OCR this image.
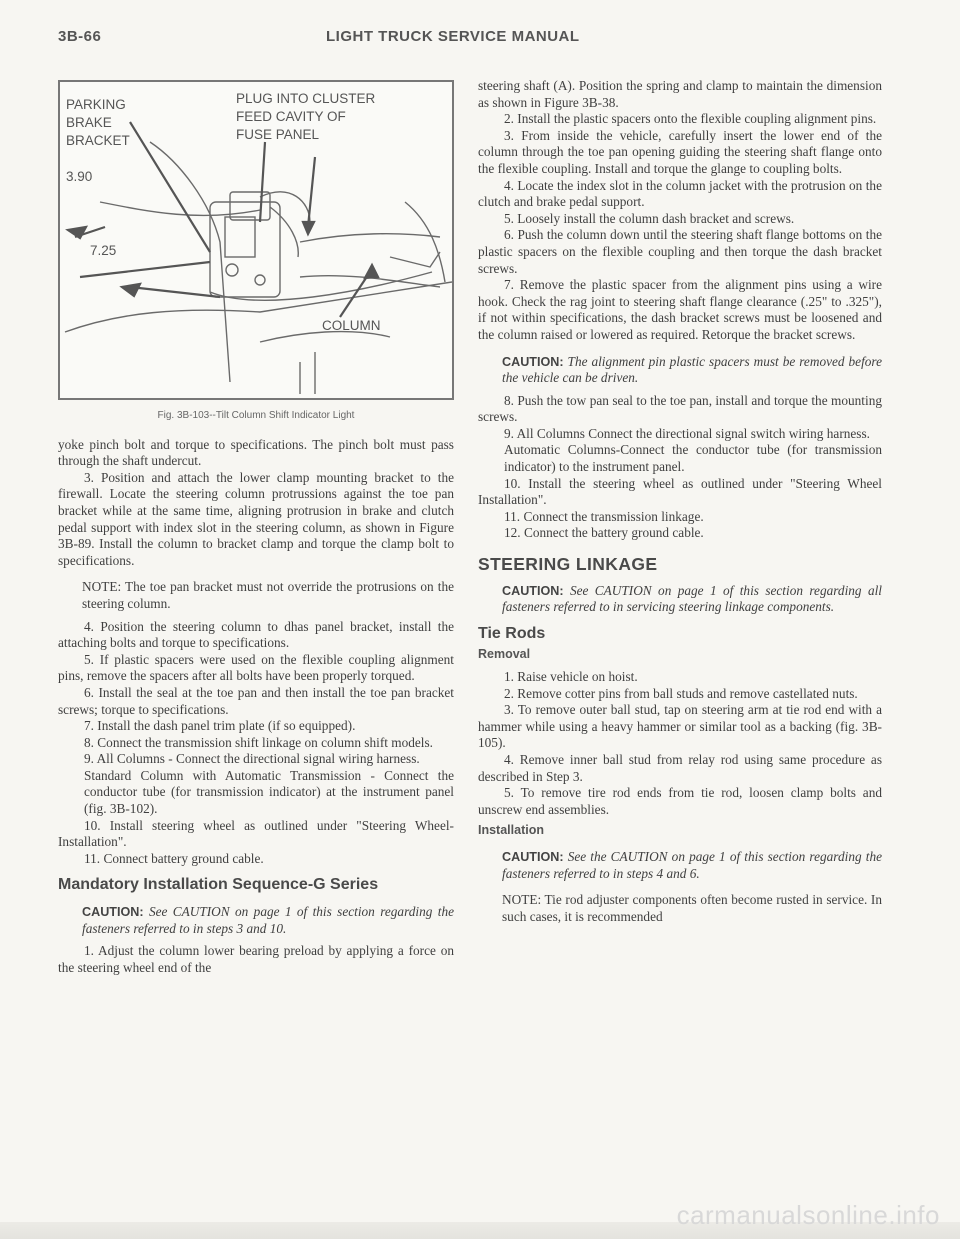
3B-66	LIGHT TRUCK SERVICE MANUAL
PARKING
BRAKE
BRACKET
PLUG INTO CLUSTER
FEED CAVITY OF
FUSE PANEL
3.90
7.25
COLUMN
Fig. 3B-103--Tilt Column Shift Indicator Light

yoke pinch bolt and torque to specifications. The pinch bolt must pass through the shaft undercut.

3. Position and attach the lower clamp mounting bracket to the firewall. Locate the steering column protrussions against the toe pan bracket while at the same time, aligning protrusion in brake and clutch pedal support with index slot in the steering column, as shown in Figure 3B-89. Install the column to bracket clamp and torque the clamp bolt to specifications.

NOTE: The toe pan bracket must not override the protrusions on the steering column.

4. Position the steering column to dhas panel bracket, install the attaching bolts and torque to specifications.

5. If plastic spacers were used on the flexible coupling alignment pins, remove the spacers after all bolts have been properly torqued.

6. Install the seal at the toe pan and then install the toe pan bracket screws; torque to specifications.

7. Install the dash panel trim plate (if so equipped).

8. Connect the transmission shift linkage on column shift models.

9. All Columns - Connect the directional signal wiring harness.

Standard Column with Automatic Transmission - Connect the conductor tube (for transmission indicator) at the instrument panel (fig. 3B-102).

10. Install steering wheel as outlined under "Steering Wheel-Installation".

11. Connect battery ground cable.

Mandatory Installation Sequence-G Series

CAUTION: See CAUTION on page 1 of this section regarding the fasteners referred to in steps 3 and 10.

1. Adjust the column lower bearing preload by applying a force on the steering wheel end of the

steering shaft (A). Position the spring and clamp to maintain the dimension as shown in Figure 3B-38.

2. Install the plastic spacers onto the flexible coupling alignment pins.

3. From inside the vehicle, carefully insert the lower end of the column through the toe pan opening guiding the steering shaft flange onto the flexible coupling. Install and torque the glange to coupling bolts.

4. Locate the index slot in the column jacket with the protrusion on the clutch and brake pedal support.

5. Loosely install the column dash bracket and screws.

6. Push the column down until the steering shaft flange bottoms on the plastic spacers on the flexible coupling and then torque the dash bracket screws.

7. Remove the plastic spacer from the alignment pins using a wire hook. Check the rag joint to steering shaft flange clearance (.25" to .325"), if not within specifications, the dash bracket screws must be loosened and the column raised or lowered as required. Retorque the bracket screws.

CAUTION: The alignment pin plastic spacers must be removed before the vehicle can be driven.

8. Push the tow pan seal to the toe pan, install and torque the mounting screws.

9. All Columns Connect the directional signal switch wiring harness.

Automatic Columns-Connect the conductor tube (for transmission indicator) to the instrument panel.

10. Install the steering wheel as outlined under "Steering Wheel Installation".

11. Connect the transmission linkage.

12. Connect the battery ground cable.

STEERING LINKAGE

CAUTION: See CAUTION on page 1 of this section regarding all fasteners referred to in servicing steering linkage components.

Tie Rods
Removal

1. Raise vehicle on hoist.

2. Remove cotter pins from ball studs and remove castellated nuts.

3. To remove outer ball stud, tap on steering arm at tie rod end with a hammer while using a heavy hammer or similar tool as a backing (fig. 3B-105).

4. Remove inner ball stud from relay rod using same procedure as described in Step 3.

5. To remove tire rod ends from tie rod, loosen clamp bolts and unscrew end assemblies.

Installation

CAUTION: See the CAUTION on page 1 of this section regarding the fasteners referred to in steps 4 and 6.

NOTE: Tie rod adjuster components often become rusted in service. In such cases, it is recommended

carmanualsonline.info
